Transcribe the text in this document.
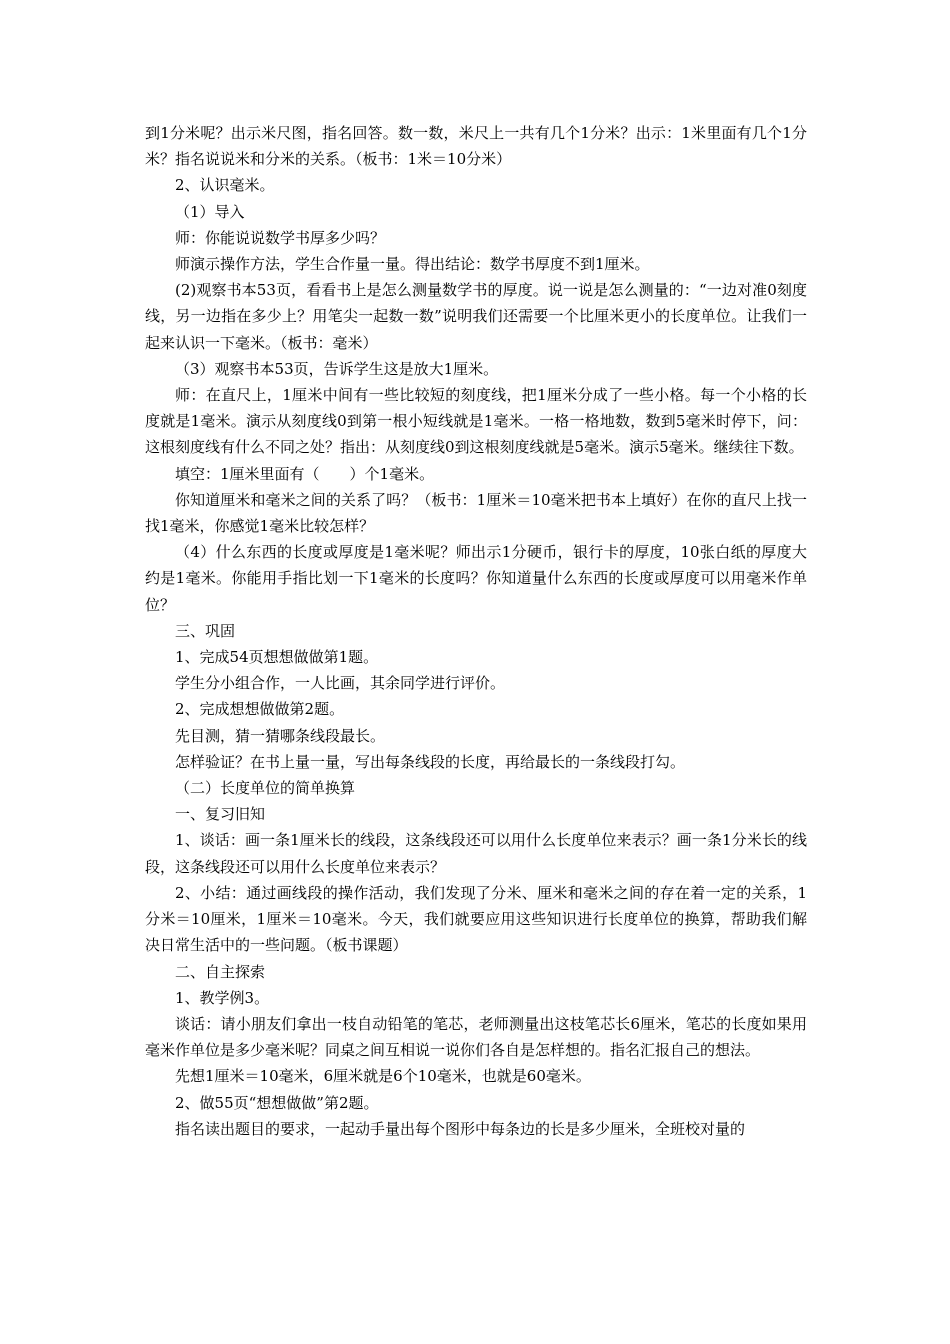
到1分米呢？出示米尺图，指名回答。数一数，米尺上一共有几个1分米？出示：1米里面有几个1分米？指名说说米和分米的关系。（板书：1米＝10分米）

2、认识毫米。

（1）导入

师：你能说说数学书厚多少吗？

师演示操作方法，学生合作量一量。得出结论：数学书厚度不到1厘米。

(2)观察书本53页，看看书上是怎么测量数学书的厚度。说一说是怎么测量的：“一边对准0刻度线，另一边指在多少上？用笔尖一起数一数”说明我们还需要一个比厘米更小的长度单位。让我们一起来认识一下毫米。（板书：毫米）

（3）观察书本53页，告诉学生这是放大1厘米。

师：在直尺上，1厘米中间有一些比较短的刻度线，把1厘米分成了一些小格。每一个小格的长度就是1毫米。演示从刻度线0到第一根小短线就是1毫米。一格一格地数，数到5毫米时停下，问：这根刻度线有什么不同之处？指出：从刻度线0到这根刻度线就是5毫米。演示5毫米。继续往下数。

填空：1厘米里面有（　　）个1毫米。

你知道厘米和毫米之间的关系了吗？（板书：1厘米＝10毫米把书本上填好）在你的直尺上找一找1毫米，你感觉1毫米比较怎样？

（4）什么东西的长度或厚度是1毫米呢？师出示1分硬币，银行卡的厚度，10张白纸的厚度大约是1毫米。你能用手指比划一下1毫米的长度吗？你知道量什么东西的长度或厚度可以用毫米作单位？

三、巩固

1、完成54页想想做做第1题。

学生分小组合作，一人比画，其余同学进行评价。

2、完成想想做做第2题。

先目测，猜一猜哪条线段最长。

怎样验证？在书上量一量，写出每条线段的长度，再给最长的一条线段打勾。

（二）长度单位的简单换算

一、复习旧知

1、谈话：画一条1厘米长的线段，这条线段还可以用什么长度单位来表示？画一条1分米长的线段，这条线段还可以用什么长度单位来表示？

2、小结：通过画线段的操作活动，我们发现了分米、厘米和毫米之间的存在着一定的关系，1分米＝10厘米，1厘米＝10毫米。今天，我们就要应用这些知识进行长度单位的换算，帮助我们解决日常生活中的一些问题。（板书课题）

二、自主探索

1、教学例3。

谈话：请小朋友们拿出一枝自动铅笔的笔芯，老师测量出这枝笔芯长6厘米，笔芯的长度如果用毫米作单位是多少毫米呢？同桌之间互相说一说你们各自是怎样想的。指名汇报自己的想法。

先想1厘米＝10毫米，6厘米就是6个10毫米，也就是60毫米。

2、做55页“想想做做”第2题。

指名读出题目的要求，一起动手量出每个图形中每条边的长是多少厘米，全班校对量的
